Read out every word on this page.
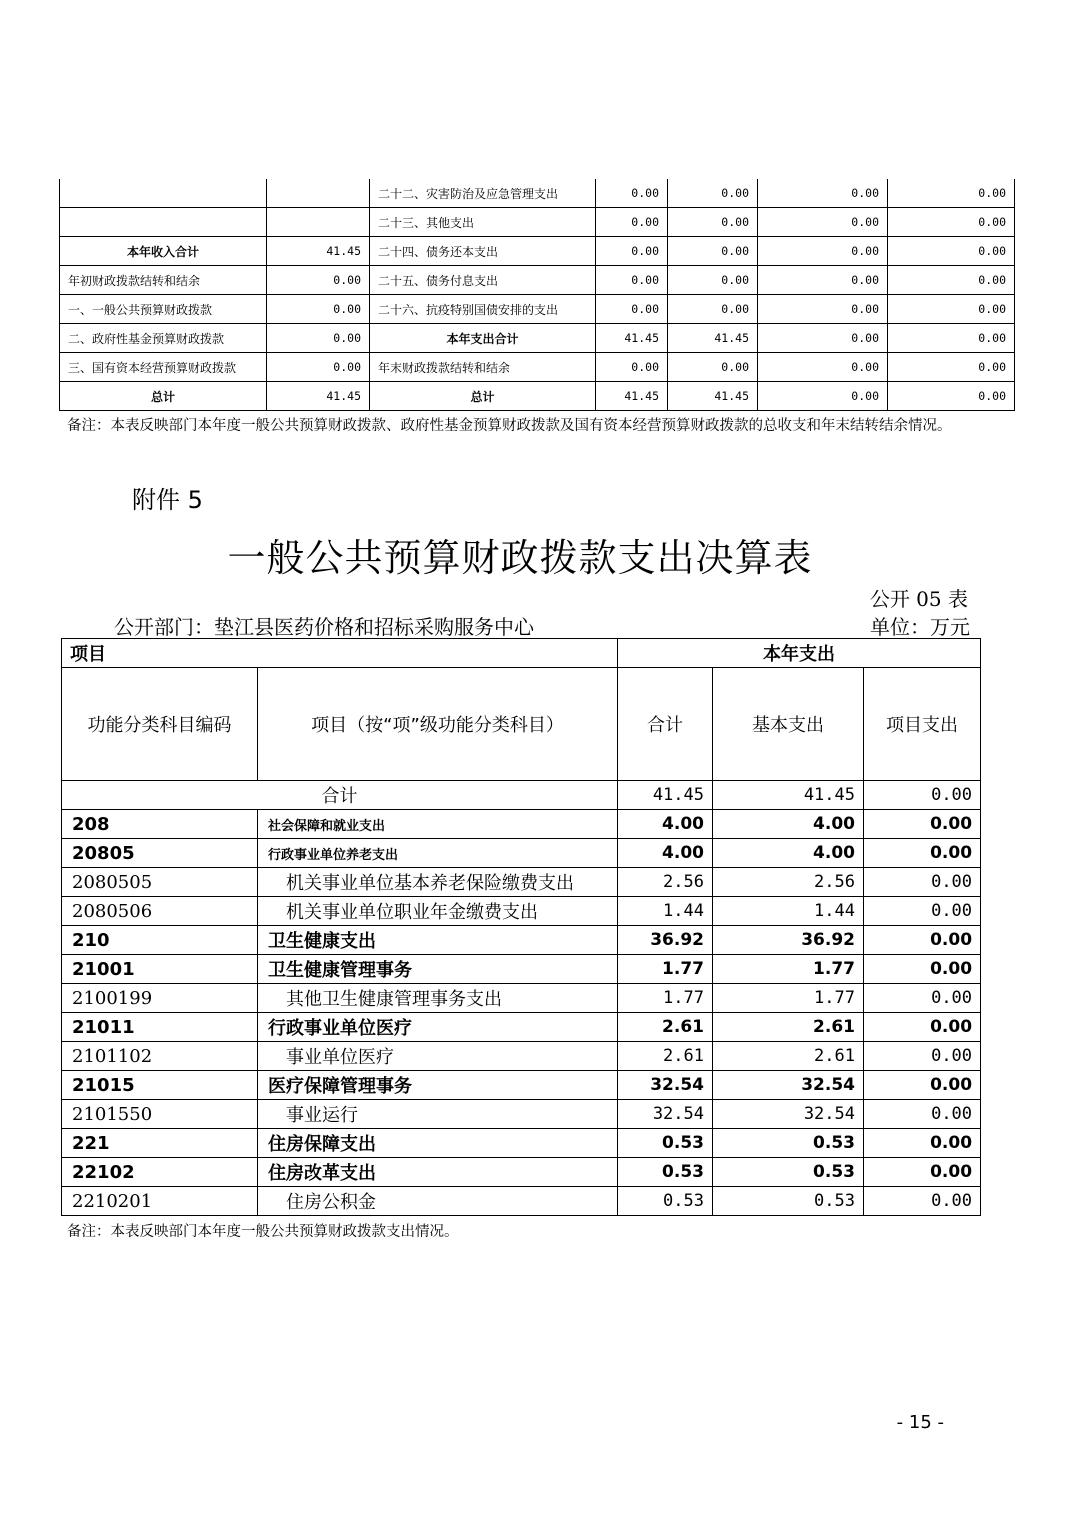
		二十二、灾害防治及应急管理支出	0.00	0.00	0.00	0.00
		二十三、其他支出	0.00	0.00	0.00	0.00
本年收入合计	41.45	二十四、债务还本支出	0.00	0.00	0.00	0.00
年初财政拨款结转和结余	0.00	二十五、债务付息支出	0.00	0.00	0.00	0.00
一、一般公共预算财政拨款	0.00	二十六、抗疫特别国债安排的支出	0.00	0.00	0.00	0.00
二、政府性基金预算财政拨款	0.00	本年支出合计	41.45	41.45	0.00	0.00
三、国有资本经营预算财政拨款	0.00	年末财政拨款结转和结余	0.00	0.00	0.00	0.00
总计	41.45	总计	41.45	41.45	0.00	0.00
备注：本表反映部门本年度一般公共预算财政拨款、政府性基金预算财政拨款及国有资本经营预算财政拨款的总收支和年末结转结余情况。
附件 5
一般公共预算财政拨款支出决算表
公开 05 表
公开部门：垫江县医药价格和招标采购服务中心	单位：万元
项目		本年支出		
功能分类科目编码	项目（按“项”级功能分类科目）	合计	基本支出	项目支出
合计		41.45	41.45	0.00
208	社会保障和就业支出	4.00	4.00	0.00
20805	行政事业单位养老支出	4.00	4.00	0.00
2080505	机关事业单位基本养老保险缴费支出	2.56	2.56	0.00
2080506	机关事业单位职业年金缴费支出	1.44	1.44	0.00
210	卫生健康支出	36.92	36.92	0.00
21001	卫生健康管理事务	1.77	1.77	0.00
2100199	其他卫生健康管理事务支出	1.77	1.77	0.00
21011	行政事业单位医疗	2.61	2.61	0.00
2101102	事业单位医疗	2.61	2.61	0.00
21015	医疗保障管理事务	32.54	32.54	0.00
2101550	事业运行	32.54	32.54	0.00
221	住房保障支出	0.53	0.53	0.00
22102	住房改革支出	0.53	0.53	0.00
2210201	住房公积金	0.53	0.53	0.00
备注：本表反映部门本年度一般公共预算财政拨款支出情况。
- 15 -
